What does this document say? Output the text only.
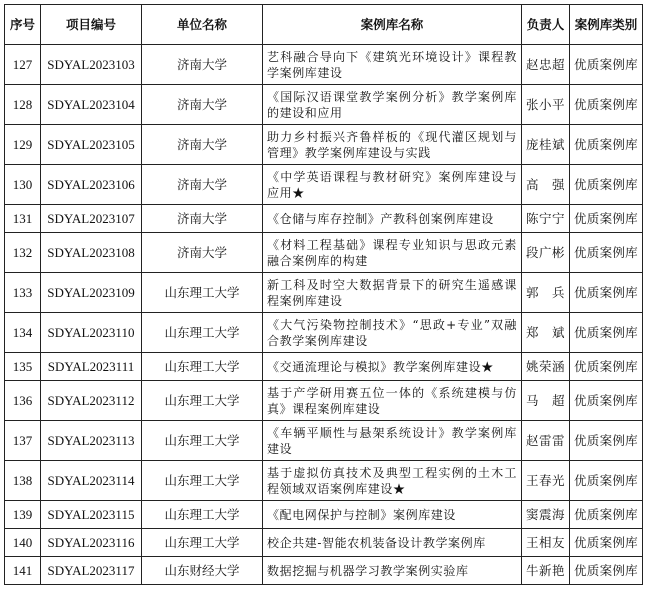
序号	项目编号	单位名称	案例库名称	负责人	案例库类别
127	SDYAL2023103	济南大学	艺科融合导向下《建筑光环境设计》课程教学案例库建设	赵忠超	优质案例库
128	SDYAL2023104	济南大学	《国际汉语课堂教学案例分析》教学案例库的建设和应用	张小平	优质案例库
129	SDYAL2023105	济南大学	助力乡村振兴齐鲁样板的《现代灌区规划与管理》教学案例库建设与实践	庞桂斌	优质案例库
130	SDYAL2023106	济南大学	《中学英语课程与教材研究》案例库建设与应用★	高　强	优质案例库
131	SDYAL2023107	济南大学	《仓储与库存控制》产教科创案例库建设	陈宁宁	优质案例库
132	SDYAL2023108	济南大学	《材料工程基础》课程专业知识与思政元素融合案例库的构建	段广彬	优质案例库
133	SDYAL2023109	山东理工大学	新工科及时空大数据背景下的研究生遥感课程案例库建设	郭　兵	优质案例库
134	SDYAL2023110	山东理工大学	《大气污染物控制技术》“思政+专业”双融合教学案例库建设	郑　斌	优质案例库
135	SDYAL2023111	山东理工大学	《交通流理论与模拟》教学案例库建设★	姚荣涵	优质案例库
136	SDYAL2023112	山东理工大学	基于产学研用赛五位一体的《系统建模与仿真》课程案例库建设	马　超	优质案例库
137	SDYAL2023113	山东理工大学	《车辆平顺性与悬架系统设计》教学案例库建设	赵雷雷	优质案例库
138	SDYAL2023114	山东理工大学	基于虚拟仿真技术及典型工程实例的土木工程领域双语案例库建设★	王春光	优质案例库
139	SDYAL2023115	山东理工大学	《配电网保护与控制》案例库建设	窦震海	优质案例库
140	SDYAL2023116	山东理工大学	校企共建-智能农机装备设计教学案例库	王相友	优质案例库
141	SDYAL2023117	山东财经大学	数据挖掘与机器学习教学案例实验库	牛新艳	优质案例库
